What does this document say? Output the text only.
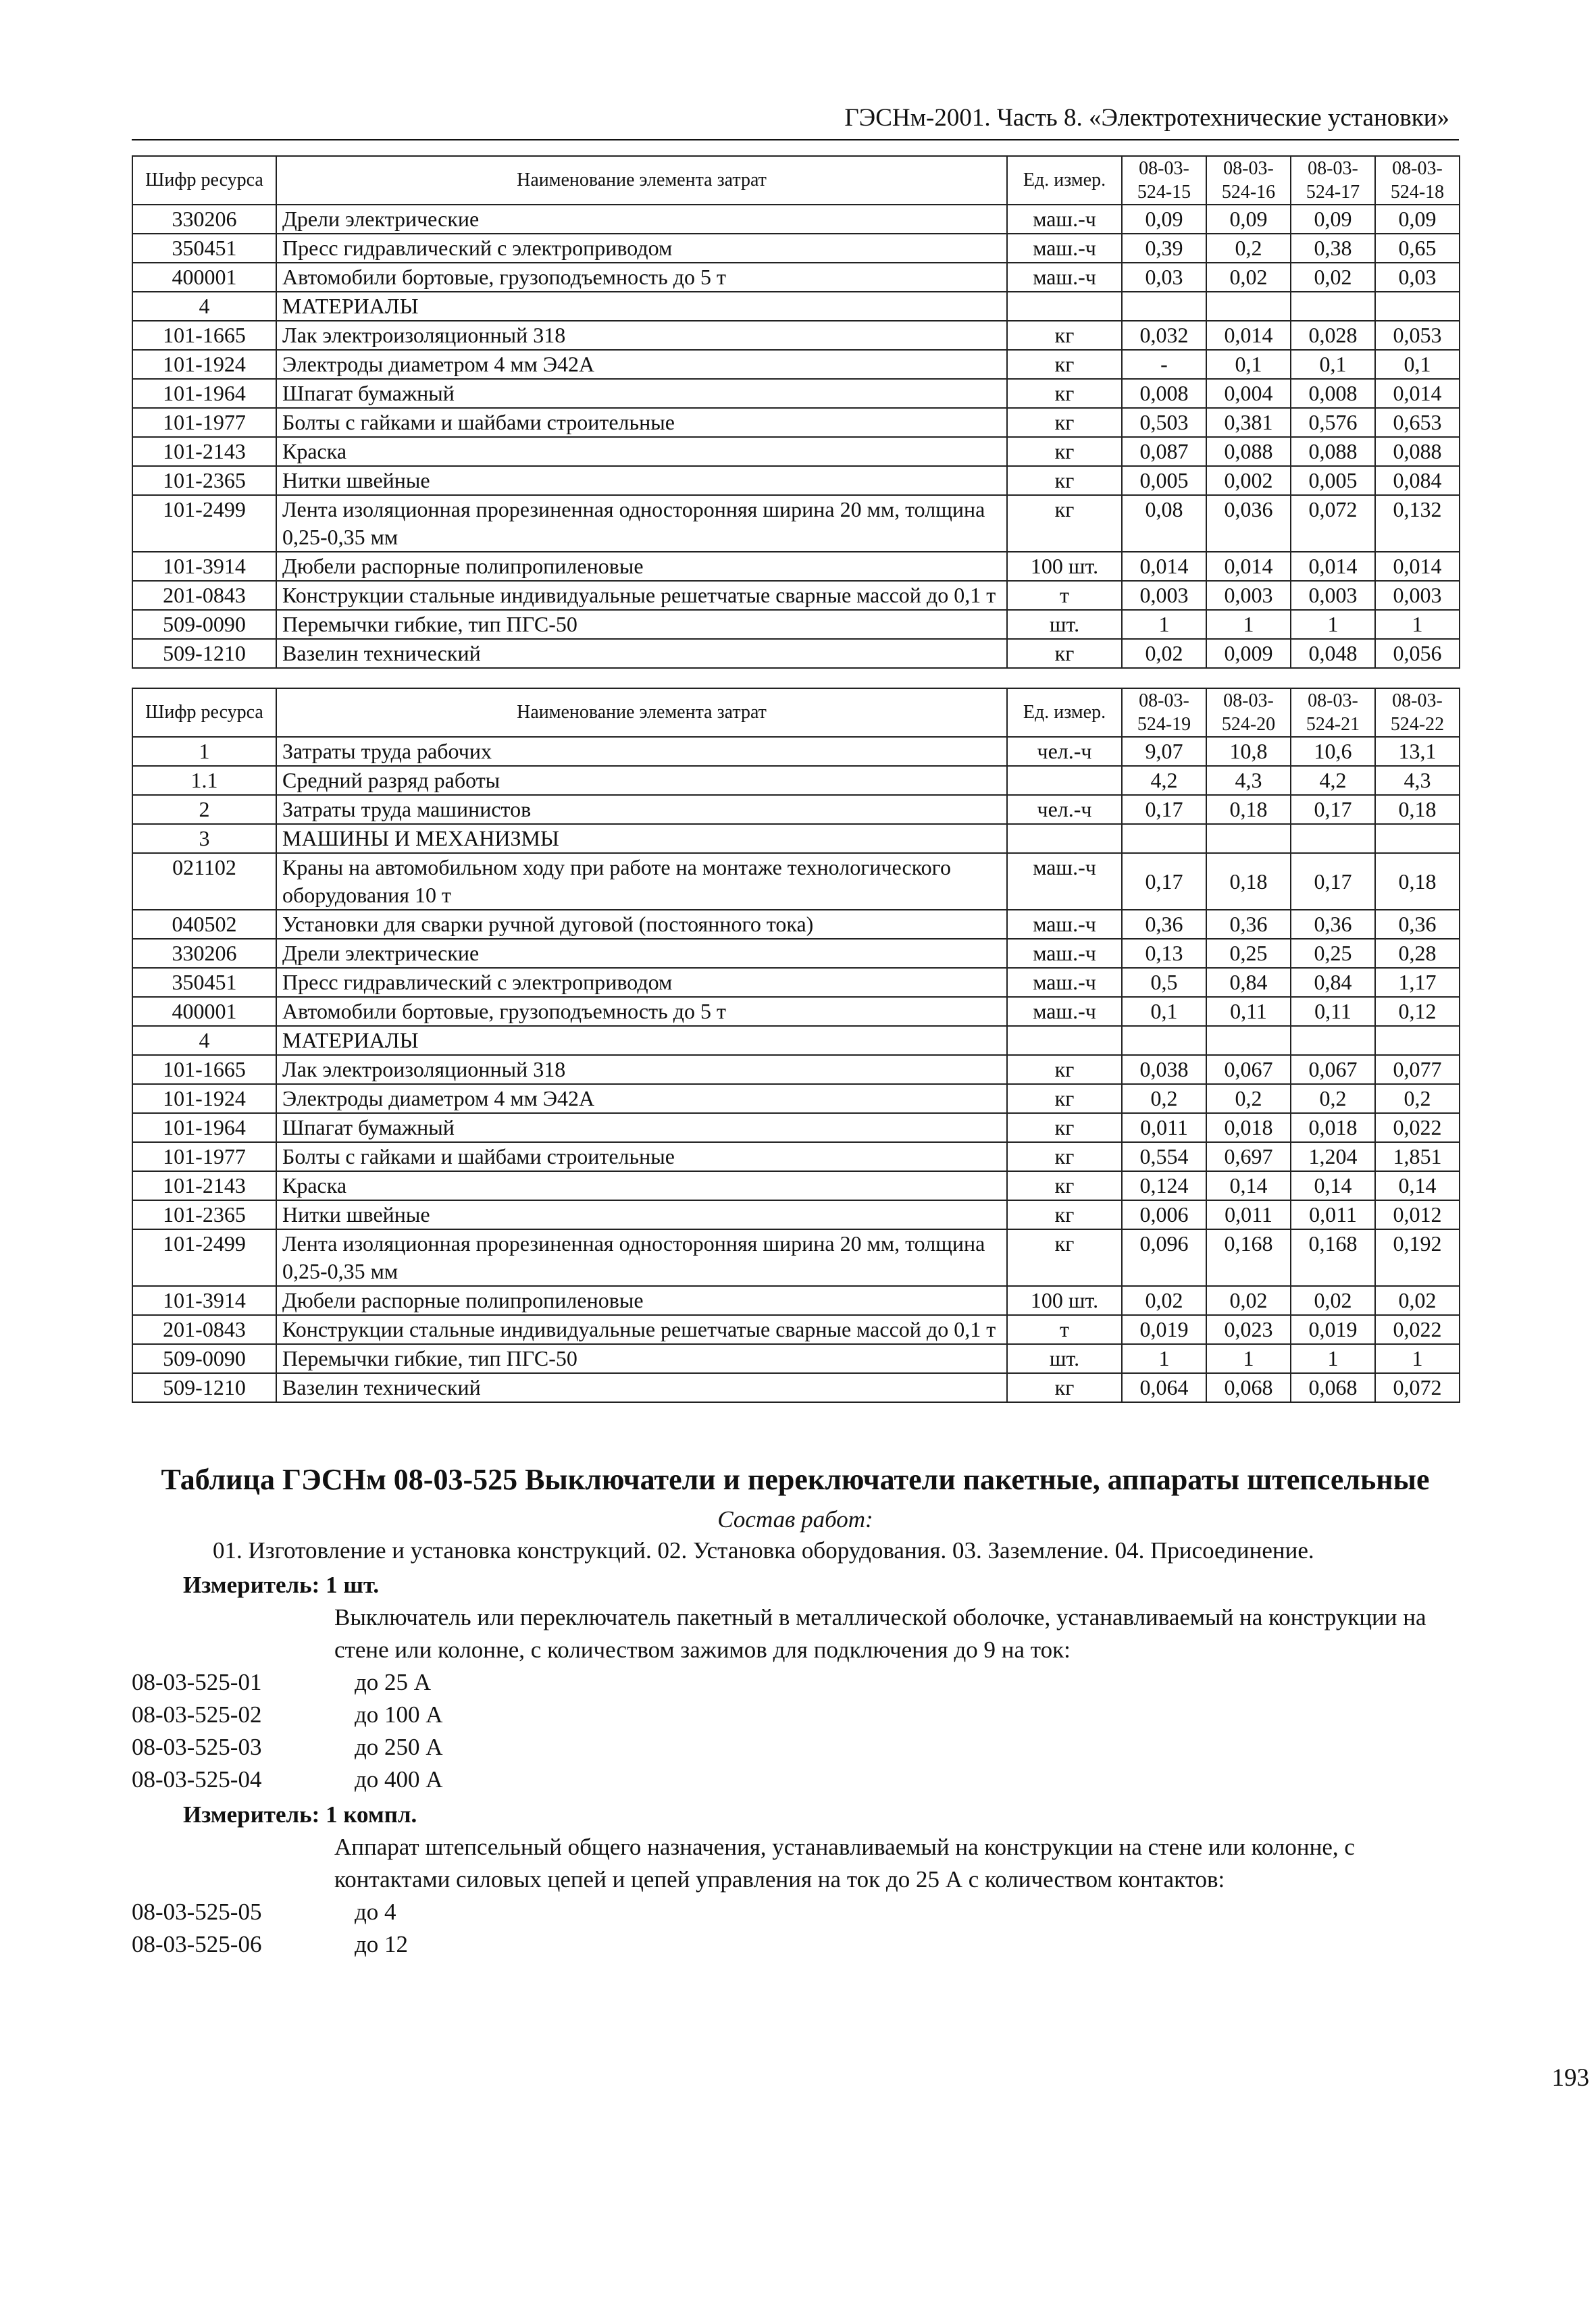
ГЭСНм-2001. Часть 8. «Электротехнические установки»
Шифр ресурса	Наименование элемента затрат	Ед. измер.	08-03-524-15	08-03-524-16	08-03-524-17	08-03-524-18
330206	Дрели электрические	маш.-ч	0,09	0,09	0,09	0,09
350451	Пресс гидравлический с электроприводом	маш.-ч	0,39	0,2	0,38	0,65
400001	Автомобили бортовые, грузоподъемность до 5 т	маш.-ч	0,03	0,02	0,02	0,03
4	МАТЕРИАЛЫ					
101-1665	Лак электроизоляционный 318	кг	0,032	0,014	0,028	0,053
101-1924	Электроды диаметром 4 мм Э42А	кг	-	0,1	0,1	0,1
101-1964	Шпагат бумажный	кг	0,008	0,004	0,008	0,014
101-1977	Болты с гайками и шайбами строительные	кг	0,503	0,381	0,576	0,653
101-2143	Краска	кг	0,087	0,088	0,088	0,088
101-2365	Нитки швейные	кг	0,005	0,002	0,005	0,084
101-2499	Лента изоляционная прорезиненная односторонняя ширина 20 мм, толщина 0,25-0,35 мм	кг	0,08	0,036	0,072	0,132
101-3914	Дюбели распорные полипропиленовые	100 шт.	0,014	0,014	0,014	0,014
201-0843	Конструкции стальные индивидуальные решетчатые сварные массой до 0,1 т	т	0,003	0,003	0,003	0,003
509-0090	Перемычки гибкие, тип ПГС-50	шт.	1	1	1	1
509-1210	Вазелин технический	кг	0,02	0,009	0,048	0,056
Шифр ресурса	Наименование элемента затрат	Ед. измер.	08-03-524-19	08-03-524-20	08-03-524-21	08-03-524-22
1	Затраты труда рабочих	чел.-ч	9,07	10,8	10,6	13,1
1.1	Средний разряд работы		4,2	4,3	4,2	4,3
2	Затраты труда машинистов	чел.-ч	0,17	0,18	0,17	0,18
3	МАШИНЫ И МЕХАНИЗМЫ					
021102	Краны на автомобильном ходу при работе на монтаже технологического оборудования 10 т	маш.-ч	0,17	0,18	0,17	0,18
040502	Установки для сварки ручной дуговой (постоянного тока)	маш.-ч	0,36	0,36	0,36	0,36
330206	Дрели электрические	маш.-ч	0,13	0,25	0,25	0,28
350451	Пресс гидравлический с электроприводом	маш.-ч	0,5	0,84	0,84	1,17
400001	Автомобили бортовые, грузоподъемность до 5 т	маш.-ч	0,1	0,11	0,11	0,12
4	МАТЕРИАЛЫ					
101-1665	Лак электроизоляционный 318	кг	0,038	0,067	0,067	0,077
101-1924	Электроды диаметром 4 мм Э42А	кг	0,2	0,2	0,2	0,2
101-1964	Шпагат бумажный	кг	0,011	0,018	0,018	0,022
101-1977	Болты с гайками и шайбами строительные	кг	0,554	0,697	1,204	1,851
101-2143	Краска	кг	0,124	0,14	0,14	0,14
101-2365	Нитки швейные	кг	0,006	0,011	0,011	0,012
101-2499	Лента изоляционная прорезиненная односторонняя ширина 20 мм, толщина 0,25-0,35 мм	кг	0,096	0,168	0,168	0,192
101-3914	Дюбели распорные полипропиленовые	100 шт.	0,02	0,02	0,02	0,02
201-0843	Конструкции стальные индивидуальные решетчатые сварные массой до 0,1 т	т	0,019	0,023	0,019	0,022
509-0090	Перемычки гибкие, тип ПГС-50	шт.	1	1	1	1
509-1210	Вазелин технический	кг	0,064	0,068	0,068	0,072
Таблица ГЭСНм 08-03-525 Выключатели и переключатели пакетные, аппараты штепсельные
Состав работ:
01. Изготовление и установка конструкций. 02. Установка оборудования. 03. Заземление. 04. Присоединение.
Измеритель: 1 шт.
Выключатель или переключатель пакетный в металлической оболочке, устанавливаемый на конструкции на стене или колонне, с количеством зажимов для подключения до 9 на ток:
08-03-525-01	до 25 А
08-03-525-02	до 100 А
08-03-525-03	до 250 А
08-03-525-04	до 400 А
Измеритель: 1 компл.
Аппарат штепсельный общего назначения, устанавливаемый на конструкции на стене или колонне, с контактами силовых цепей и цепей управления на ток до 25 А с количеством контактов:
08-03-525-05	до 4
08-03-525-06	до 12
193
